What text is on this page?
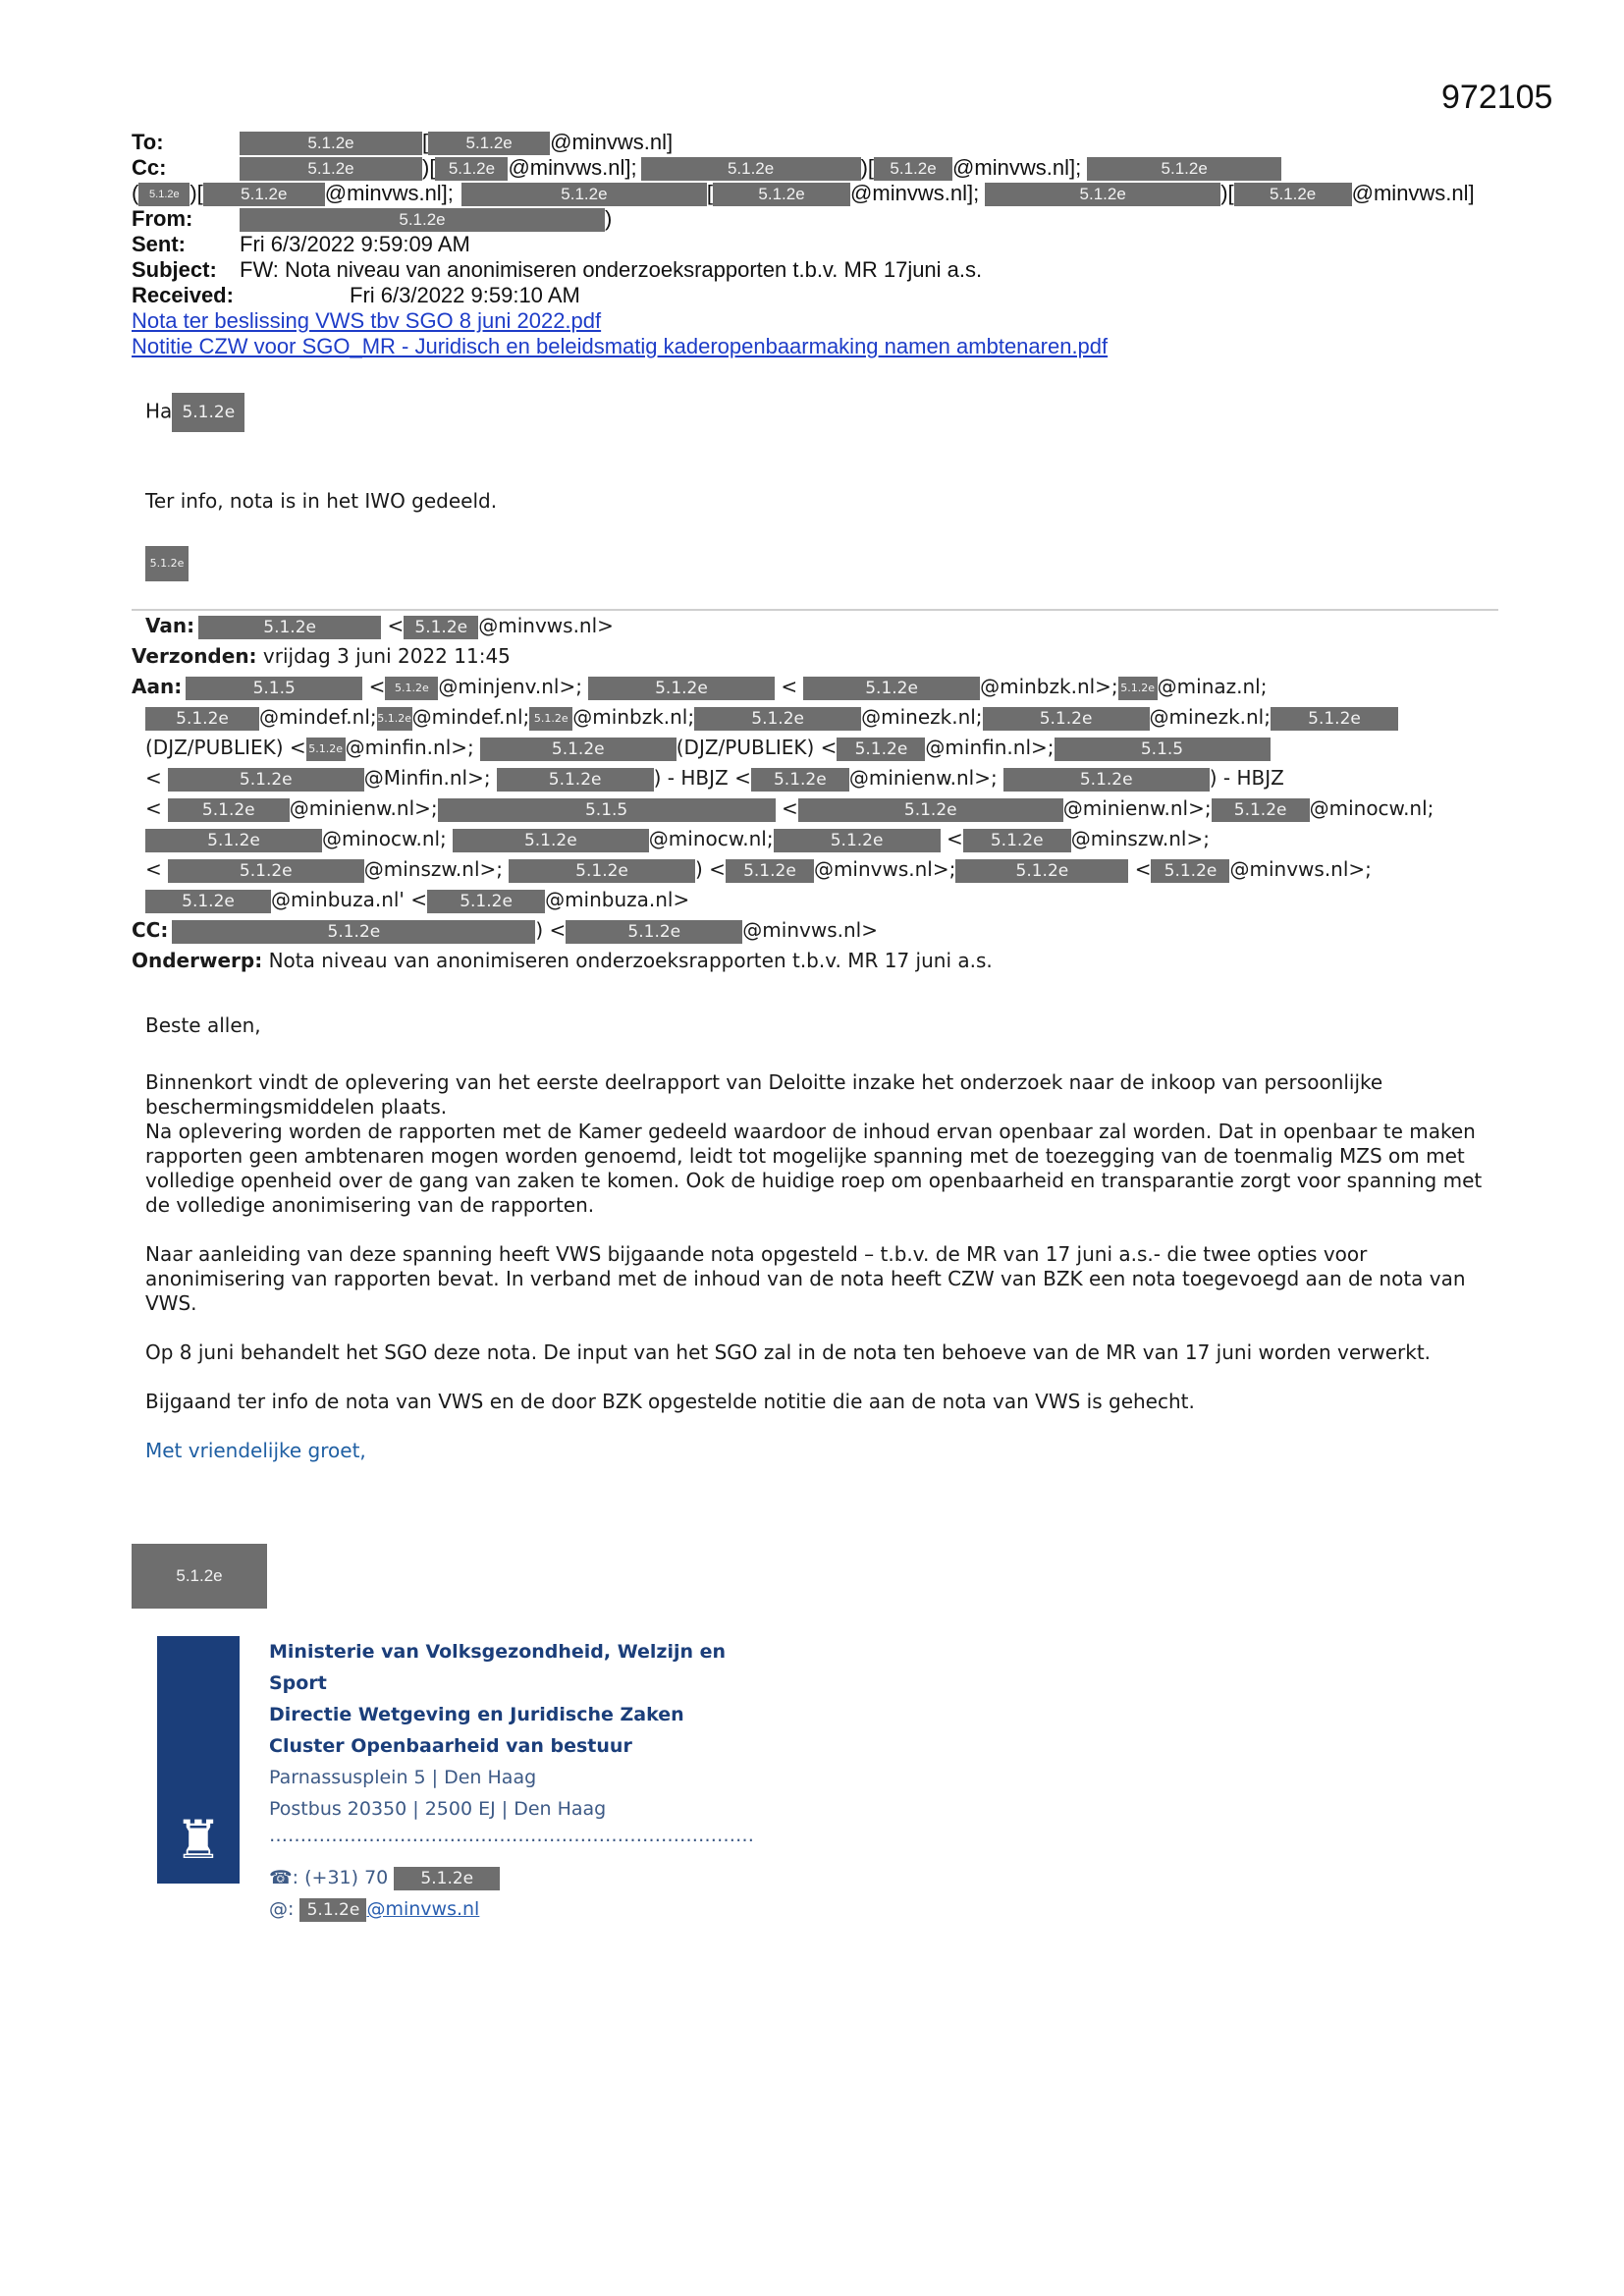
972105
To:	5.1.2e	[ 5.1.2e @minvws.nl]
Cc:	5.1.2e	)[ 5.1.2e @minvws.nl];	5.1.2e	)[ 5.1.2e @minvws.nl];	5.1.2e
( 5.1.2e )[ 5.1.2e @minvws.nl];	5.1.2e	[	5.1.2e @minvws.nl];	5.1.2e	)[ 5.1.2e @minvws.nl]
From:	5.1.2e	)
Sent:	Fri 6/3/2022 9:59:09 AM
Subject: FW: Nota niveau van anonimiseren onderzoeksrapporten t.b.v. MR 17juni a.s.
Received:	Fri 6/3/2022 9:59:10 AM
Nota ter beslissing VWS tbv SGO 8 juni 2022.pdf
Notitie CZW voor SGO_MR - Juridisch en beleidsmatig kaderopenbaarmaking namen ambtenaren.pdf
Ha 5.1.2e
Ter info, nota is in het IWO gedeeld.
5.1.2e
Van:	5.1.2e	< 5.1.2e @minvws.nl>
Verzonden: vrijdag 3 juni 2022 11:45
Aan:	5.1.5	< 5.1.2e @minjenv.nl>;	5.1.2e	<	5.1.2e	@minbzk.nl>; 5.1.2e @minaz.nl;
5.1.2e @mindef.nl;5.1.2e@mindef.nl; 5.1.2e @minbzk.nl;	5.1.2e	@minezk.nl;	5.1.2e	@minezk.nl; 5.1.2e
(DJZ/PUBLIEK) < 5.1.2e @minfin.nl>;	5.1.2e	(DJZ/PUBLIEK) < 5.1.2e @minfin.nl>;	5.1.5
<	5.1.2e	@Minfin.nl>;	5.1.2e	) - HBJZ < 5.1.2e @minienw.nl>;	5.1.2e	) - HBJZ
< 5.1.2e @minienw.nl>;	5.1.5	<	5.1.2e	@minienw.nl>; 5.1.2e @minocw.nl;
5.1.2e	@minocw.nl;	5.1.2e	@minocw.nl;	5.1.2e	< 5.1.2e @minszw.nl>;
<	5.1.2e	@minszw.nl>;	5.1.2e	) < 5.1.2e @minvws.nl>;	5.1.2e	< 5.1.2e @minvws.nl>;
5.1.2e @minbuza.nl' < 5.1.2e @minbuza.nl>
CC:	5.1.2e	) <	5.1.2e	@minvws.nl>
Onderwerp: Nota niveau van anonimiseren onderzoeksrapporten t.b.v. MR 17 juni a.s.

Beste allen,

Binnenkort vindt de oplevering van het eerste deelrapport van Deloitte inzake het onderzoek naar de inkoop van persoonlijke beschermingsmiddelen plaats.

Na oplevering worden de rapporten met de Kamer gedeeld waardoor de inhoud ervan openbaar zal worden. Dat in openbaar te maken rapporten geen ambtenaren mogen worden genoemd, leidt tot mogelijke spanning met de toezegging van de toenmalig MZS om met volledige openheid over de gang van zaken te komen. Ook de huidige roep om openbaarheid en transparantie zorgt voor spanning met de volledige anonimisering van de rapporten.

Naar aanleiding van deze spanning heeft VWS bijgaande nota opgesteld – t.b.v. de MR van 17 juni a.s.- die twee opties voor anonimisering van rapporten bevat. In verband met de inhoud van de nota heeft CZW van BZK een nota toegevoegd aan de nota van VWS.

Op 8 juni behandelt het SGO deze nota. De input van het SGO zal in de nota ten behoeve van de MR van 17 juni worden verwerkt.

Bijgaand ter info de nota van VWS en de door BZK opgestelde notitie die aan de nota van VWS is gehecht.

Met vriendelijke groet,

5.1.2e
♜
Ministerie van Volksgezondheid, Welzijn en Sport
Directie Wetgeving en Juridische Zaken
Cluster Openbaarheid van bestuur
Parnassusplein 5 | Den Haag
Postbus 20350 | 2500 EJ | Den Haag
……………………………………………………………………
☎: (+31) 70 5.1.2e
@: 5.1.2e @minvws.nl
